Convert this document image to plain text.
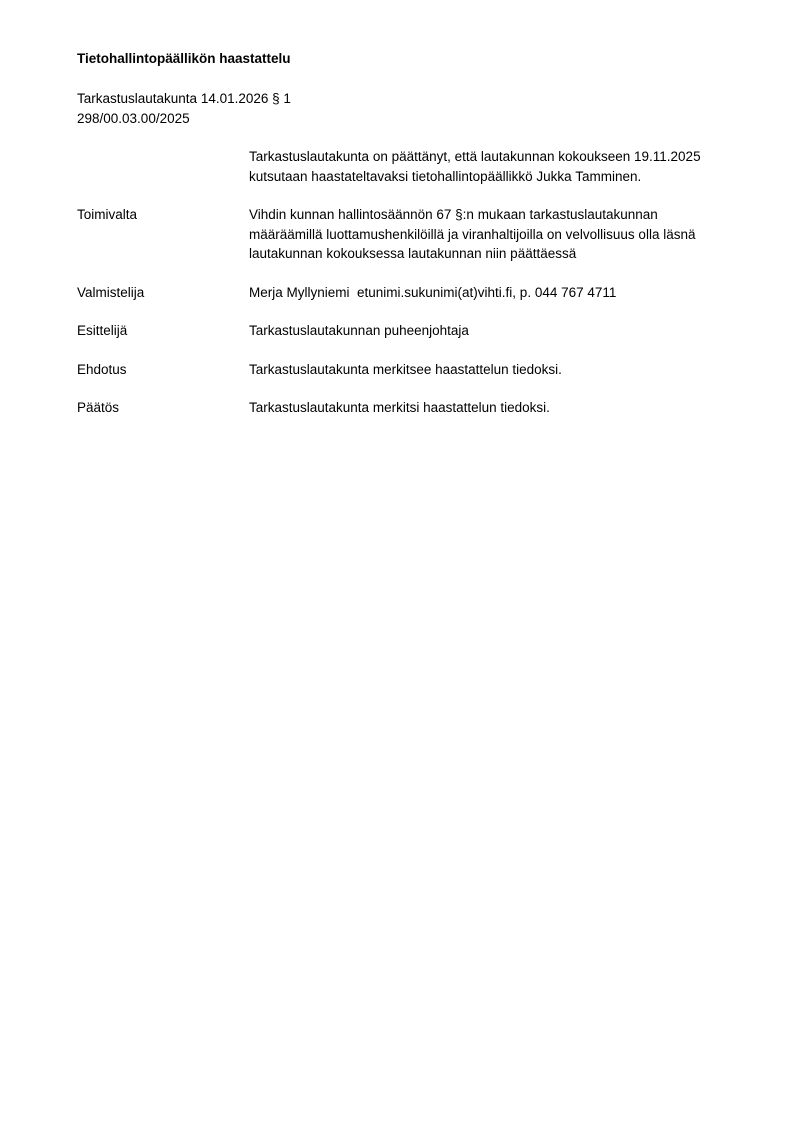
Tietohallintopäällikön haastattelu
Tarkastuslautakunta 14.01.2026 § 1
298/00.03.00/2025
Tarkastuslautakunta on päättänyt, että lautakunnan kokoukseen 19.11.2025 kutsutaan haastateltavaksi tietohallintopäällikkö Jukka Tamminen.
Toimivalta	Vihdin kunnan hallintosäännön 67 §:n mukaan tarkastuslautakunnan määräämillä luottamushenkilöillä ja viranhaltijoilla on velvollisuus olla läsnä lautakunnan kokouksessa lautakunnan niin päättäessä
Valmistelija	Merja Myllyniemi  etunimi.sukunimi(at)vihti.fi, p. 044 767 4711
Esittelijä	Tarkastuslautakunnan puheenjohtaja
Ehdotus	Tarkastuslautakunta merkitsee haastattelun tiedoksi.
Päätös	Tarkastuslautakunta merkitsi haastattelun tiedoksi.
